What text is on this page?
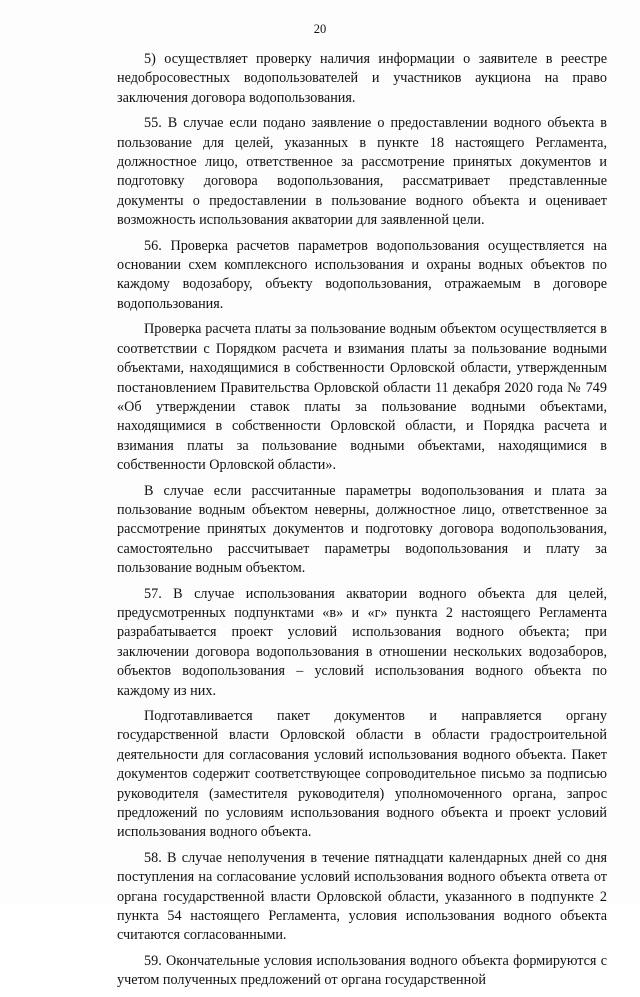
20

5) осуществляет проверку наличия информации о заявителе в реестре недобросовестных водопользователей и участников аукциона на право заключения договора водопользования.

55. В случае если подано заявление о предоставлении водного объекта в пользование для целей, указанных в пункте 18 настоящего Регламента, должностное лицо, ответственное за рассмотрение принятых документов и подготовку договора водопользования, рассматривает представленные документы о предоставлении в пользование водного объекта и оценивает возможность использования акватории для заявленной цели.

56. Проверка расчетов параметров водопользования осуществляется на основании схем комплексного использования и охраны водных объектов по каждому водозабору, объекту водопользования, отражаемым в договоре водопользования.

Проверка расчета платы за пользование водным объектом осуществляется в соответствии с Порядком расчета и взимания платы за пользование водными объектами, находящимися в собственности Орловской области, утвержденным постановлением Правительства Орловской области 11 декабря 2020 года № 749 «Об утверждении ставок платы за пользование водными объектами, находящимися в собственности Орловской области, и Порядка расчета и взимания платы за пользование водными объектами, находящимися в собственности Орловской области».

В случае если рассчитанные параметры водопользования и плата за пользование водным объектом неверны, должностное лицо, ответственное за рассмотрение принятых документов и подготовку договора водопользования, самостоятельно рассчитывает параметры водопользования и плату за пользование водным объектом.

57. В случае использования акватории водного объекта для целей, предусмотренных подпунктами «в» и «г» пункта 2 настоящего Регламента разрабатывается проект условий использования водного объекта; при заключении договора водопользования в отношении нескольких водозаборов, объектов водопользования – условий использования водного объекта по каждому из них.

Подготавливается пакет документов и направляется органу государственной власти Орловской области в области градостроительной деятельности для согласования условий использования водного объекта. Пакет документов содержит соответствующее сопроводительное письмо за подписью руководителя (заместителя руководителя) уполномоченного органа, запрос предложений по условиям использования водного объекта и проект условий использования водного объекта.

58. В случае неполучения в течение пятнадцати календарных дней со дня поступления на согласование условий использования водного объекта ответа от органа государственной власти Орловской области, указанного в подпункте 2 пункта 54 настоящего Регламента, условия использования водного объекта считаются согласованными.

59. Окончательные условия использования водного объекта формируются с учетом полученных предложений от органа государственной
